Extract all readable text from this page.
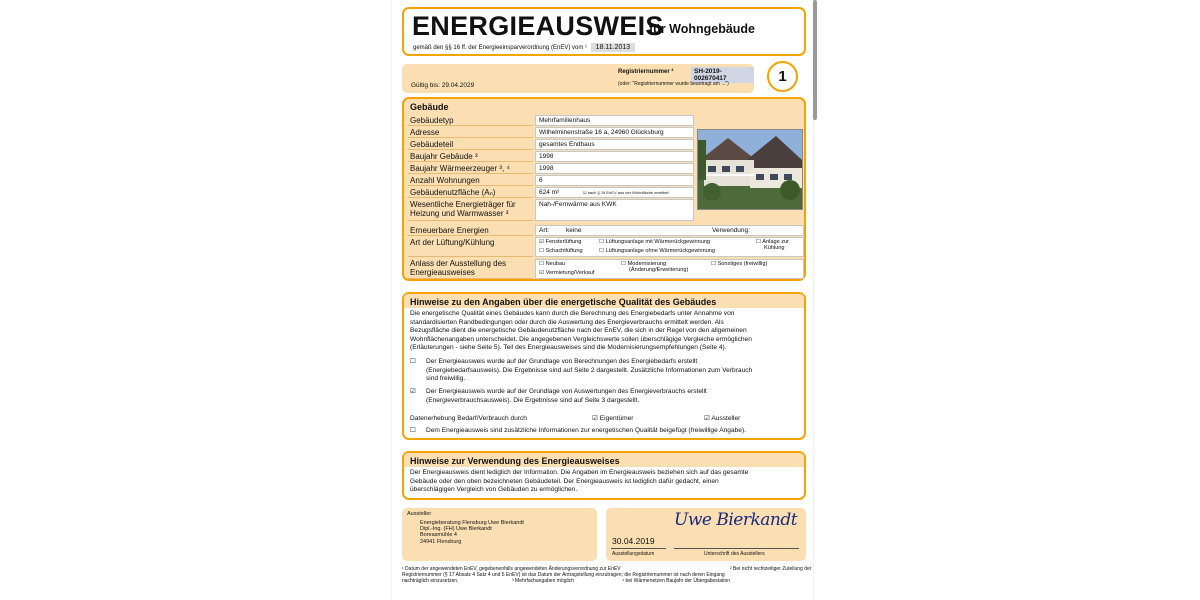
ENERGIEAUSWEIS
für Wohngebäude
gemäß den §§ 16 ff. der Energieeinsparverordnung (EnEV) vom ¹ 18.11.2013
Gültig bis: 29.04.2029
Registriernummer ²	SH-2019-002670417
(oder: "Registriernummer wurde beantragt am ...")	1
Gebäude
Gebäudetyp	Mehrfamilienhaus
Adresse	Wilhelminenstraße 16 a, 24960 Glücksburg
Gebäudeteil	gesamtes Endhaus
Baujahr Gebäude ³	1998
Baujahr Wärmeerzeuger ³, ⁴	1998
Anzahl Wohnungen	6
Gebäudenutzfläche (Aₙ)	624 m²	☑ nach § 19 EnEV aus der Wohnfläche ermittelt
Wesentliche Energieträger für
Heizung und Warmwasser ³
Nah-/Fernwärme aus KWK
Erneuerbare Energien	Art:	keine	Verwendung:
Art der Lüftung/Kühlung	☑ Fensterlüftung	☐ Lüftungsanlage mit Wärmerückgewinnung	☐ Anlage zur
Kühlung
☐ Schachtlüftung	☐ Lüftungsanlage ohne Wärmerückgewinnung
Anlass der Ausstellung des
Energieausweises
☐ Neubau	☐ Modernisierung
(Änderung/Erweiterung)
☐ Sonstiges (freiwillig)
☑ Vermietung/Verkauf
Hinweise zu den Angaben über die energetische Qualität des Gebäudes
Die energetische Qualität eines Gebäudes kann durch die Berechnung des Energiebedarfs unter Annahme von
standardisierten Randbedingungen oder durch die Auswertung des Energieverbrauchs ermittelt werden. Als
Bezugsfläche dient die energetische Gebäudenutzfläche nach der EnEV, die sich in der Regel von den allgemeinen
Wohnflächenangaben unterscheidet. Die angegebenen Vergleichswerte sollen überschlägige Vergleiche ermöglichen
(Erläuterungen - siehe Seite 5). Teil des Energieausweises sind die Modernisierungsempfehlungen (Seite 4).
☐ Der Energieausweis wurde auf der Grundlage von Berechnungen des Energiebedarfs erstellt
(Energiebedarfsausweis). Die Ergebnisse sind auf Seite 2 dargestellt. Zusätzliche Informationen zum Verbrauch
sind freiwillig.
☑ Der Energieausweis wurde auf der Grundlage von Auswertungen des Energieverbrauchs erstellt
(Energieverbrauchsausweis). Die Ergebnisse sind auf Seite 3 dargestellt.
Datenerhebung Bedarf/Verbrauch durch	☑ Eigentümer	☑ Aussteller
☐ Dem Energieausweis sind zusätzliche Informationen zur energetischen Qualität beigefügt (freiwillige Angabe).
Hinweise zur Verwendung des Energieausweises
Der Energieausweis dient lediglich der Information. Die Angaben im Energieausweis beziehen sich auf das gesamte
Gebäude oder den oben bezeichneten Gebäudeteil. Der Energieausweis ist lediglich dafür gedacht, einen
überschlägigen Vergleich von Gebäuden zu ermöglichen.
Aussteller
Energieberatung Flensburg Uwe Bierkandt
Dipl.-Ing. (FH) Uwe Bierkandt
Boreasmühle 4
24941 Flensburg	30.04.2019
Ausstellungsdatum
Uwe Bierkandt
Unterschrift des Ausstellers
¹ Datum der angewendeten EnEV, gegebenenfalls angewendeten Änderungsverordnung zur EnEV
Registriernummer (§ 17 Absatz 4 Satz 4 und 5 EnEV) ist das Datum der Antragstellung einzutragen; die Registriernummer ist nach deren Eingang
nachträglich einzusetzen.
² Bei nicht rechtzeitiger Zuteilung der
³ Mehrfachangaben möglich	⁴ bei Wärmenetzen Baujahr der Übergabestation
